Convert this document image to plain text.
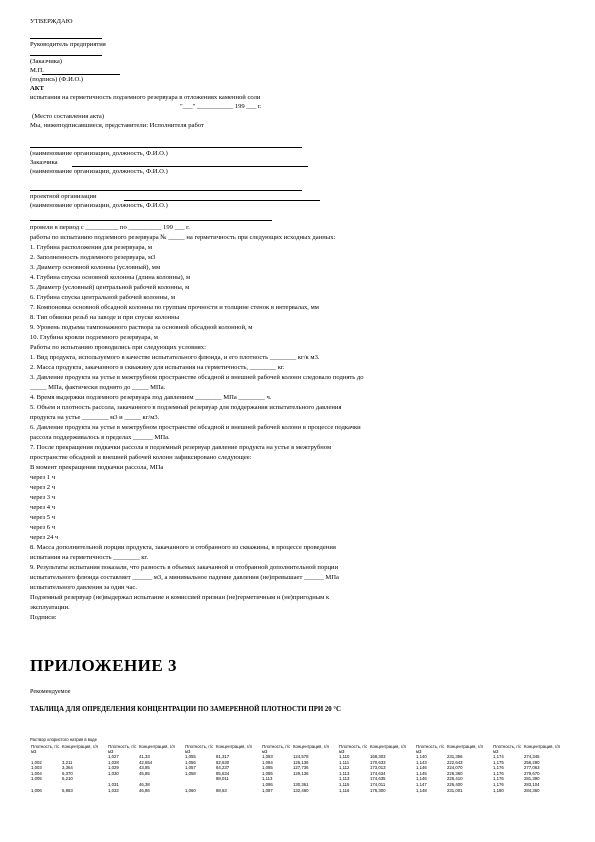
УТВЕРЖДАЮ
Руководитель предприятия
(Заказчика)
М.П.
(подпись) (Ф.И.О.)
АКТ
испытания на герметичность подземного резервуара в отложениях каменной соли
"___" ___________ 199 ___ г.
(Место составления акта)
Мы, нижеподписавшиеся, представители: Исполнителя работ
(наименование организации, должность, Ф.И.О.)
Заказчика
(наименование организации, должность, Ф.И.О.)
проектной организации
(наименование организации, должность, Ф.И.О.)
провели в период с __________ по __________ 199 ___ г.
работы по испытанию подземного резервуара № _____ на герметичность при следующих исходных данных:
1. Глубина расположения для резервуара, м
2. Заполненность подземного резервуара, м3
3. Диаметр основной колонны (условный), мм
4. Глубина спуска основной колонны (длина колонны), м
5. Диаметр (условный) центральной рабочей колонны, м
6. Глубина спуска центральной рабочей колонны, м
7. Компоновка основной обсадной колонны по группам прочности и толщине стенок в интервалах, мм
8. Тип обвязки резьб на заводе и при спуске колонны
9. Уровень подъема тампонажного раствора за основной обсадной колонной, м
10. Глубина кровли подземного резервуара, м
Работы по испытанию проводились при следующих условиях:
1. Вид продукта, используемого в качестве испытательного флюида, и его плотность ________ кг/к м3.
2. Масса продукта, закачанного в скважину для испытания на герметичность, ________ кг.
3. Давление продукта на устье в межтрубном пространстве обсадной и внешней рабочей колонн следовало поднять до
_____ МПа, фактически поднято до _____ МПа.
4. Время выдержки подземного резервуара под давлением ________ МПа ________ ч.
5. Объем и плотность рассола, закачанного в подземный резервуар для поддержания испытательного давления
продукта на устье ________ м3 и _____ кг/м3.
6. Давление продукта на устье в межтрубном пространстве обсадной и внешней рабочей колонн в процессе подкачки
рассола поддерживалось в пределах ______ МПа.
7. После прекращения подкачки рассола в подземный резервуар давление продукта на устье в межтрубном
пространстве обсадной и внешней рабочей колонн зафиксировано следующее:
В момент прекращения подкачки рассола, МПа
через 1 ч
через 2 ч
через 3 ч
через 4 ч
через 5 ч
через 6 ч
через 24 ч
8. Масса дополнительной порции продукта, закачанного и отобранного из скважины, в процессе проведения
испытания на герметичность ________ кг.
9. Результаты испытания показали, что разность в объемах закачанной и отобранной дополнительной порции
испытательного флюида составляет ______ м3, а минимальное падение давления (не)превышает ______ МПа
испытательного давления за один час.
Подземный резервуар (не)выдержал испытание и комиссией признан (не)герметичным и (не)пригодным к
эксплуатации.
Подписи:
ПРИЛОЖЕНИЕ 3
Рекомендуемое
ТАБЛИЦА ДЛЯ ОПРЕДЕЛЕНИЯ КОНЦЕНТРАЦИИ ПО ЗАМЕРЕННОЙ ПЛОТНОСТИ ПРИ 20 °С
Раствор хлористого натрия в воде
Плотность, г/с м3	Концентрация, г/л	Плотность, г/с м3	Концентрация, г/л	Плотность, г/с м3	Концентрация, г/л	Плотность, г/с м3	Концентрация, г/л	Плотность, г/с м3	Концентрация, г/л	Плотность, г/с м3	Концентрация, г/л	Плотность, г/с м3	Концентрация, г/л
		1,027	41,33	1,055	81,317	1,083	124,578	1,110	168,303	1,140	231,356	1,174	274,345
1,002	3,211	1,028	42,654	1,056	82,630	1,084	126,136	1,111	170,633	1,143	222,643	1,175	256,290
1,003	3,364	1,029	43,85	1,057	84,237	1,085	127,736	1,112	173,013	1,146	224,070	1,176	277,063
1,004	6,370	1,030	45,85	1,058	85,634	1,085	129,136	1,113	174,634	1,145	226,360	1,176	279,670
1,005	6,210				88,011	1,113		1,113	174,635	1,146	226,410	1,176	281,390
		1,031	46,38			1,086	130,361	1,115	174,011	1,147	226,400	1,176	283,104
1,006	6,863	1,032	46,86	1,060	88,63	1,087	132,460	1,116	176,300	1,148	231,001	1,180	284,360
